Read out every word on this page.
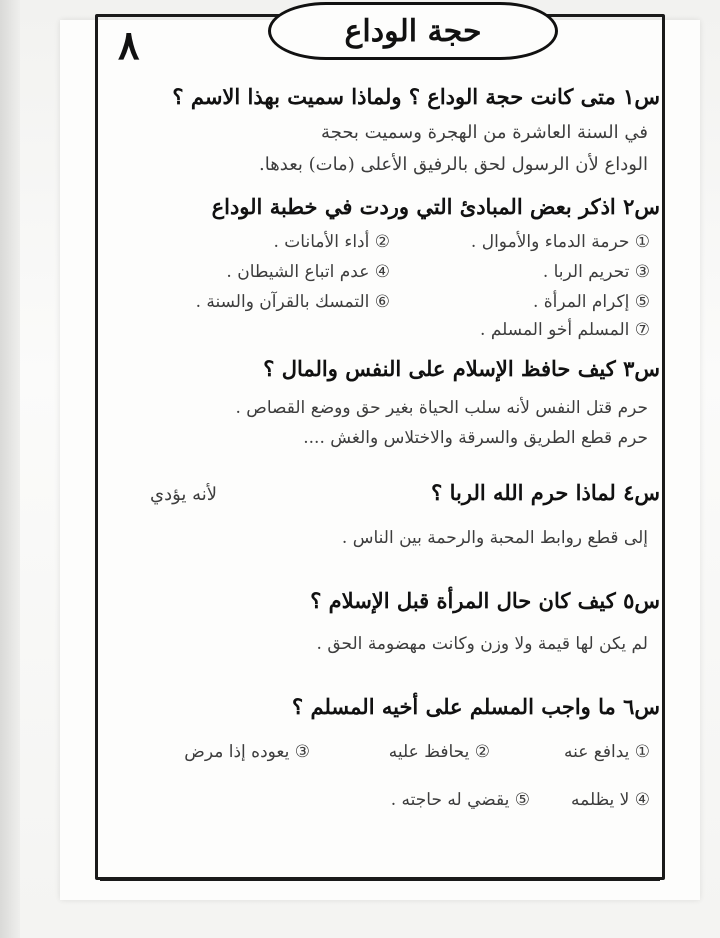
حجة الوداع
٨
س١ متى كانت حجة الوداع ؟ ولماذا سميت بهذا الاسم ؟
في السنة العاشرة من الهجرة وسميت بحجة
الوداع لأن الرسول لحق بالرفيق الأعلى (مات) بعدها.
س٢ اذكر بعض المبادئ التي وردت في خطبة الوداع
① حرمة الدماء والأموال .
② أداء الأمانات .
③ تحريم الربا .
④ عدم اتباع الشيطان .
⑤ إكرام المرأة .
⑥ التمسك بالقرآن والسنة .
⑦ المسلم أخو المسلم .
س٣ كيف حافظ الإسلام على النفس والمال ؟
حرم قتل النفس لأنه سلب الحياة بغير حق ووضع القصاص .
حرم قطع الطريق والسرقة والاختلاس والغش ....
س٤ لماذا حرم الله الربا ؟
لأنه يؤدي
إلى قطع روابط المحبة والرحمة بين الناس .
س٥ كيف كان حال المرأة قبل الإسلام ؟
لم يكن لها قيمة ولا وزن وكانت مهضومة الحق .
س٦ ما واجب المسلم على أخيه المسلم ؟
① يدافع عنه
② يحافظ عليه
③ يعوده إذا مرض
④ لا يظلمه
⑤ يقضي له حاجته .
